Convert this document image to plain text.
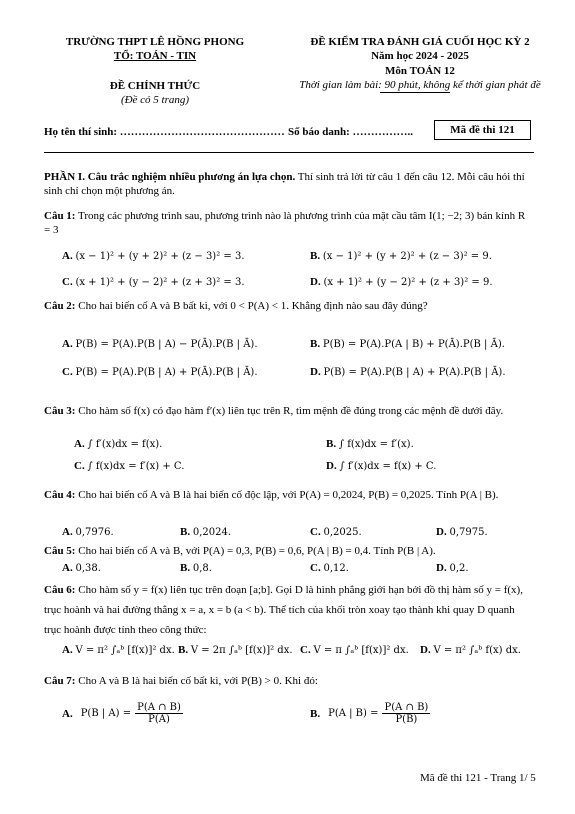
TRƯỜNG THPT LÊ HỒNG PHONG
TỔ: TOÁN - TIN
ĐỀ CHÍNH THỨC
(Đề có 5 trang)
ĐỀ KIỂM TRA ĐÁNH GIÁ CUỐI HỌC KỲ 2
Năm học 2024 - 2025
Môn TOÁN 12
Thời gian làm bài: 90 phút, không kể thời gian phát đề
Họ tên thí sinh: ……………………………………… Số báo danh: ……………..	Mã đề thi 121
PHẦN I. Câu trắc nghiệm nhiều phương án lựa chọn. Thí sinh trả lời từ câu 1 đến câu 12. Mỗi câu hỏi thí sinh chỉ chọn một phương án.
Câu 1: Trong các phương trình sau, phương trình nào là phương trình của mặt cầu tâm I(1; −2; 3) bán kính R = 3
A. (x − 1)² + (y + 2)² + (z − 3)² = 3.	B. (x − 1)² + (y + 2)² + (z − 3)² = 9.
C. (x + 1)² + (y − 2)² + (z + 3)² = 3.	D. (x + 1)² + (y − 2)² + (z + 3)² = 9.
Câu 2: Cho hai biến cố A và B bất kì, với 0 < P(A) < 1. Khẳng định nào sau đây đúng?
A. P(B) = P(A).P(B | A) − P(Ā).P(B | Ā).	B. P(B) = P(A).P(A | B) + P(Ā).P(B | Ā).
C. P(B) = P(A).P(B | A) + P(Ā).P(B | Ā).	D. P(B) = P(A).P(B | A) + P(A).P(B | Ā).
Câu 3: Cho hàm số f(x) có đạo hàm f′(x) liên tục trên R, tìm mệnh đề đúng trong các mệnh đề dưới đây.
A. ∫ f′(x)dx = f(x).	B. ∫ f(x)dx = f′(x).
C. ∫ f(x)dx = f′(x) + C.	D. ∫ f′(x)dx = f(x) + C.
Câu 4: Cho hai biến cố A và B là hai biến cố độc lập, với P(A) = 0,2024, P(B) = 0,2025. Tính P(A | B).
A. 0,7976.	B. 0,2024.	C. 0,2025.	D. 0,7975.
Câu 5: Cho hai biến cố A và B, với P(A) = 0,3, P(B) = 0,6, P(A | B) = 0,4. Tính P(B | A).
A. 0,38.	B. 0,8.	C. 0,12.	D. 0,2.
Câu 6: Cho hàm số y = f(x) liên tục trên đoạn [a;b]. Gọi D là hình phẳng giới hạn bởi đồ thị hàm số y = f(x), trục hoành và hai đường thẳng x = a, x = b (a < b). Thể tích của khối tròn xoay tạo thành khi quay D quanh trục hoành được tính theo công thức:
A. V = π² ∫ₐᵇ [f(x)]² dx. B. V = 2π ∫ₐᵇ [f(x)]² dx. C. V = π ∫ₐᵇ [f(x)]² dx. D. V = π² ∫ₐᵇ f(x) dx.
Câu 7: Cho A và B là hai biến cố bất kì, với P(B) > 0. Khi đó:
A. P(B | $A) = \frac{P(A \cap B)}{P(A)}$	B. P(A | $B) = \frac{P(A \cap B)}{P(B)}$
Mã đề thi 121 - Trang 1/ 5
